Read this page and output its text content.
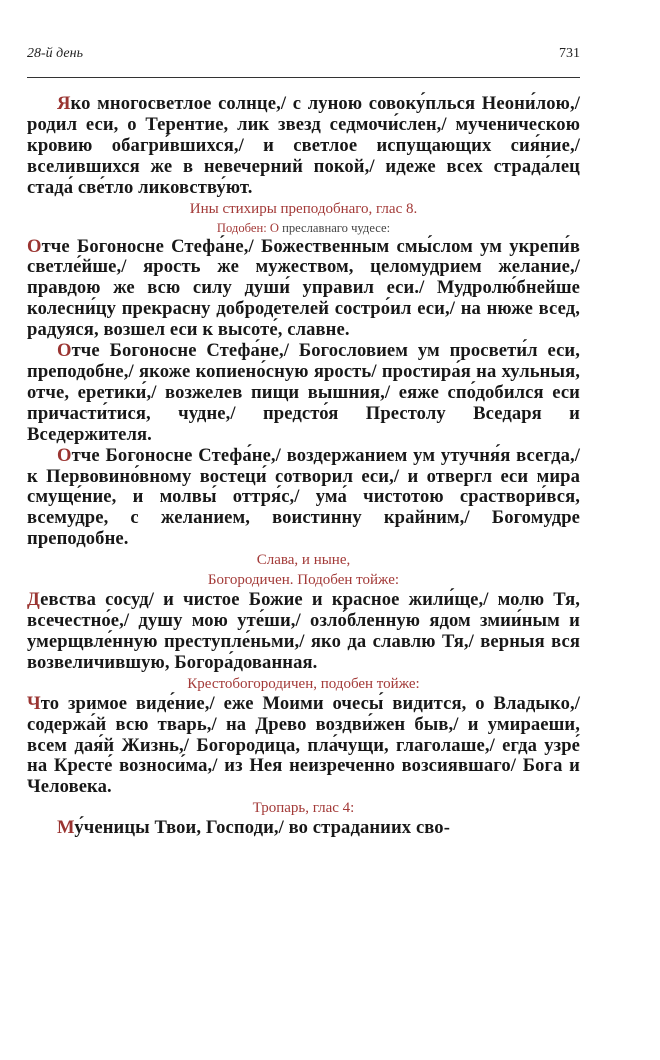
28-й день	731

Яко многосветлое солнце,/ с луною совоку́пльcя Неони́лою,/ родил еси, о Терентие, лик звезд седмочи́слен,/ мученическою кровию обагри́вшихся,/ и светлое испущающих сия́ние,/ вселившихся же в невечерний покой,/ идеже всех страда́лец стада́ све́тло ликовству́ют.

Ины стихиры преподобнаго, глас 8.
Подобен: О преславнаго чудесе:

Отче Богоносне Стефа́не,/ Божественным смы́слом ум укрепи́в светле́йше,/ ярость же мужеством, целомудрием желание,/ правдою же всю силу души́ управил еси./ Мудролю́бнейше колесни́цу прекрасну добродетелей состро́ил еси,/ на нюже всед, радуяся, возшел еси к высоте́, славне.

Отче Богоносне Стефа́не,/ Богословием ум просвети́л еси, преподобне,/ якоже копиено́сную ярость/ простира́я на хульныя, отче, еретики́,/ возжелев пищи вышния,/ еяже спо́добился еси причасти́тися, чудне,/ предсто́я Престолу Вседаря и Вседержителя.

Отче Богоносне Стефа́не,/ воздержанием ум утучня́я всегда,/ к Первовино́вному востеци́ сотворил еси,/ и отвергл еси мира смуще́ние, и молвы́ оттря́с,/ ума́ чистотою сраствори́вся, всемудре, с желанием, воистинну крайним,/ Богомудре преподобне.

Слава, и ныне,
Богородичен. Подобен тойже:

Девства сосуд/ и чистое Божие и красное жили́ще,/ молю Тя, всечестно́е,/ душу мою уте́ши,/ озло́бленную ядом змии́ным и умерщвле́нную преступле́ньми,/ яко да славлю Тя,/ верныя вся возвеличившую, Богора́дованная.

Крестобогородичен, подобен тойже:

Что зримое виде́ние,/ еже Моими очесы́ видится, о Владыко,/ содержа́й всю тварь,/ на Древо воздви́жен быв,/ и умираеши, всем дая́й Жизнь,/ Богородица, пла́чущи, глаголаше,/ егда узре́ на Кресте́ возноси́ма,/ из Нея неизреченно возсиявшаго/ Бога и Человека.

Тропарь, глас 4:

Му́ченицы Твои, Господи,/ во страданиих сво-
